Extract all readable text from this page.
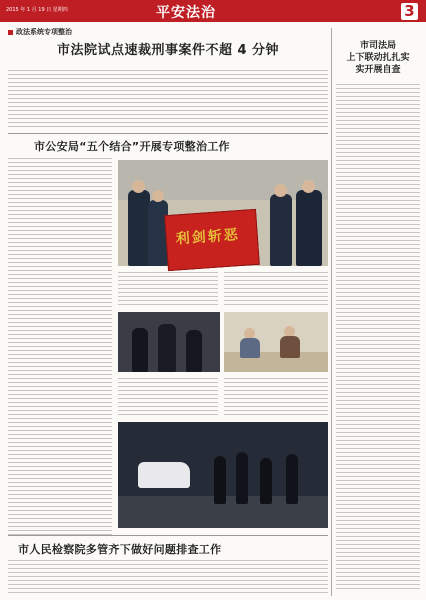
2015 年 1 月 19 日 星期四	平安法治	3
政法系统专项整治
市法院试点速裁刑事案件不超 4 分钟
市公安局“五个结合”开展专项整治工作
利剑斩恶
市人民检察院多管齐下做好问题排查工作
市司法局
上下联动扎扎实
实开展自查
